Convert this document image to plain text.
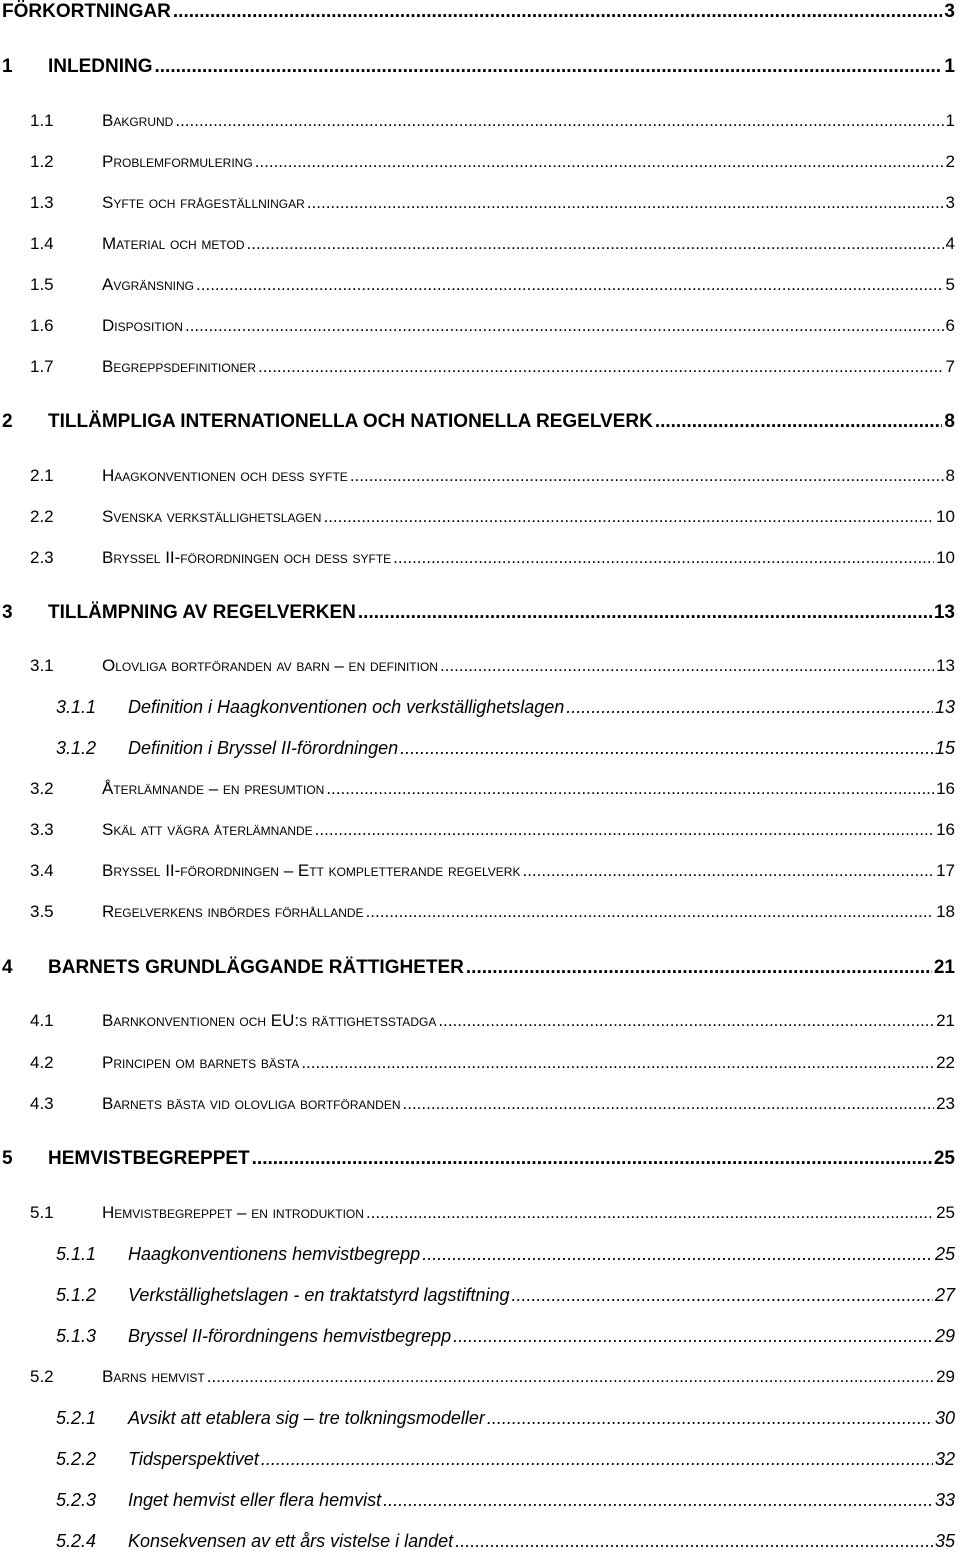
FÖRKORTNINGAR .....	3
1	INLEDNING .....	1
1.1	Bakgrund .....	1
1.2	Problemformulering .....	2
1.3	Syfte och frågeställningar .....	3
1.4	Material och metod .....	4
1.5	Avgränsning .....	5
1.6	Disposition .....	6
1.7	Begreppsdefinitioner .....	7
2	TILLÄMPLIGA INTERNATIONELLA OCH NATIONELLA REGELVERK .....	8
2.1	Haagkonventionen och dess syfte .....	8
2.2	Svenska verkställighetslagen .....	10
2.3	Bryssel II-förordningen och dess syfte .....	10
3	TILLÄMPNING AV REGELVERKEN .....	13
3.1	Olovliga bortföranden av barn – en definition .....	13
3.1.1	Definition i Haagkonventionen och verkställighetslagen .....	13
3.1.2	Definition i Bryssel II-förordningen .....	15
3.2	Återlämnande – en presumtion .....	16
3.3	Skäl att vägra återlämnande .....	16
3.4	Bryssel II-förordningen – Ett kompletterande regelverk .....	17
3.5	Regelverkens inbördes förhållande .....	18
4	BARNETS GRUNDLÄGGANDE RÄTTIGHETER .....	21
4.1	Barnkonventionen och EU:s rättighetsstadga .....	21
4.2	Principen om barnets bästa .....	22
4.3	Barnets bästa vid olovliga bortföranden .....	23
5	HEMVISTBEGREPPET .....	25
5.1	Hemvistbegreppet – en introduktion .....	25
5.1.1	Haagkonventionens hemvistbegrepp .....	25
5.1.2	Verkställighetslagen - en traktatstyrd lagstiftning .....	27
5.1.3	Bryssel II-förordningens hemvistbegrepp .....	29
5.2	Barns hemvist .....	29
5.2.1	Avsikt att etablera sig – tre tolkningsmodeller .....	30
5.2.2	Tidsperspektivet .....	32
5.2.3	Inget hemvist eller flera hemvist .....	33
5.2.4	Konsekvensen av ett års vistelse i landet .....	35
